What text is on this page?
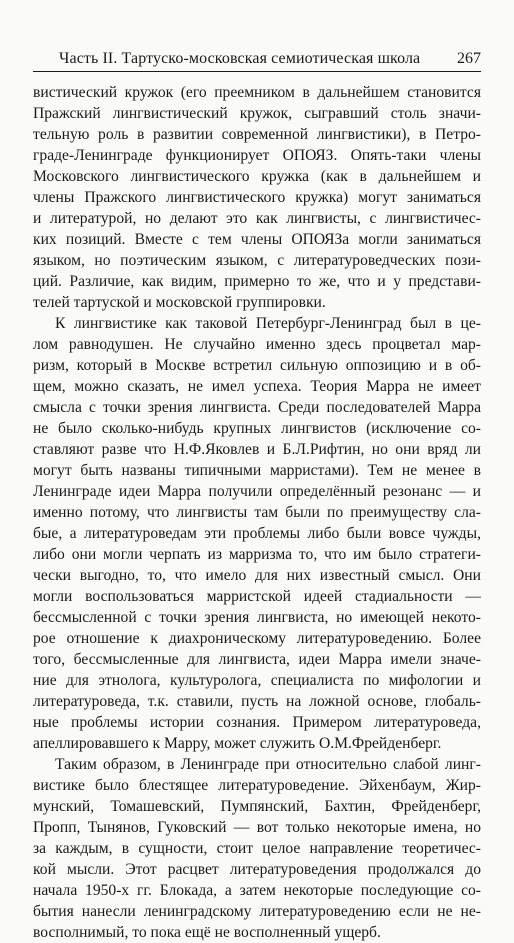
Часть II. Тартуско-московская семиотическая школа 267
вистический кружок (его преемником в дальнейшем становится
Пражский лингвистический кружок, сыгравший столь значи-
тельную роль в развитии современной лингвистики), в Петро-
граде-Ленинграде функционирует ОПОЯЗ. Опять-таки члены
Московского лингвистического кружка (как в дальнейшем и
члены Пражского лингвистического кружка) могут заниматься
и литературой, но делают это как лингвисты, с лингвистичес-
ких позиций. Вместе с тем члены ОПОЯЗа могли заниматься
языком, но поэтическим языком, с литературоведческих пози-
ций. Различие, как видим, примерно то же, что и у представи-
телей тартуской и московской группировки.
К лингвистике как таковой Петербург-Ленинград был в це-
лом равнодушен. Не случайно именно здесь процветал мар-
ризм, который в Москве встретил сильную оппозицию и в об-
щем, можно сказать, не имел успеха. Теория Марра не имеет
смысла с точки зрения лингвиста. Среди последователей Марра
не было сколько-нибудь крупных лингвистов (исключение со-
ставляют разве что Н.Ф.Яковлев и Б.Л.Рифтин, но они вряд ли
могут быть названы типичными марристами). Тем не менее в
Ленинграде идеи Марра получили определённый резонанс — и
именно потому, что лингвисты там были по преимуществу сла-
бые, а литературоведам эти проблемы либо были вовсе чужды,
либо они могли черпать из марризма то, что им было стратеги-
чески выгодно, то, что имело для них известный смысл. Они
могли воспользоваться марристской идеей стадиальности —
бессмысленной с точки зрения лингвиста, но имеющей некото-
рое отношение к диахроническому литературоведению. Более
того, бессмысленные для лингвиста, идеи Марра имели значе-
ние для этнолога, культуролога, специалиста по мифологии и
литературоведа, т.к. ставили, пусть на ложной основе, глобаль-
ные проблемы истории сознания. Примером литературоведа,
апеллировавшего к Марру, может служить О.М.Фрейденберг.
Таким образом, в Ленинграде при относительно слабой линг-
вистике было блестящее литературоведение. Эйхенбаум, Жир-
мунский, Томашевский, Пумпянский, Бахтин, Фрейденберг,
Пропп, Тынянов, Гуковский — вот только некоторые имена, но
за каждым, в сущности, стоит целое направление теоретичес-
кой мысли. Этот расцвет литературоведения продолжался до
начала 1950-х гг. Блокада, а затем некоторые последующие со-
бытия нанесли ленинградскому литературоведению если не не-
восполнимый, то пока ещё не восполненный ущерб.
